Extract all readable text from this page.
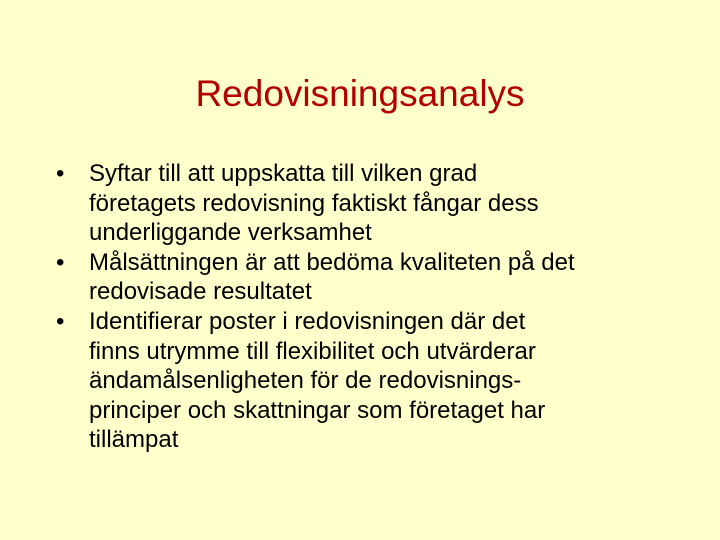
Redovisningsanalys
•	Syftar till att uppskatta till vilken grad
företagets redovisning faktiskt fångar dess
underliggande verksamhet
•	Målsättningen är att bedöma kvaliteten på det
redovisade resultatet
•	Identifierar poster i redovisningen där det
finns utrymme till flexibilitet och utvärderar
ändamålsenligheten för de redovisnings-
principer och skattningar som företaget har
tillämpat
